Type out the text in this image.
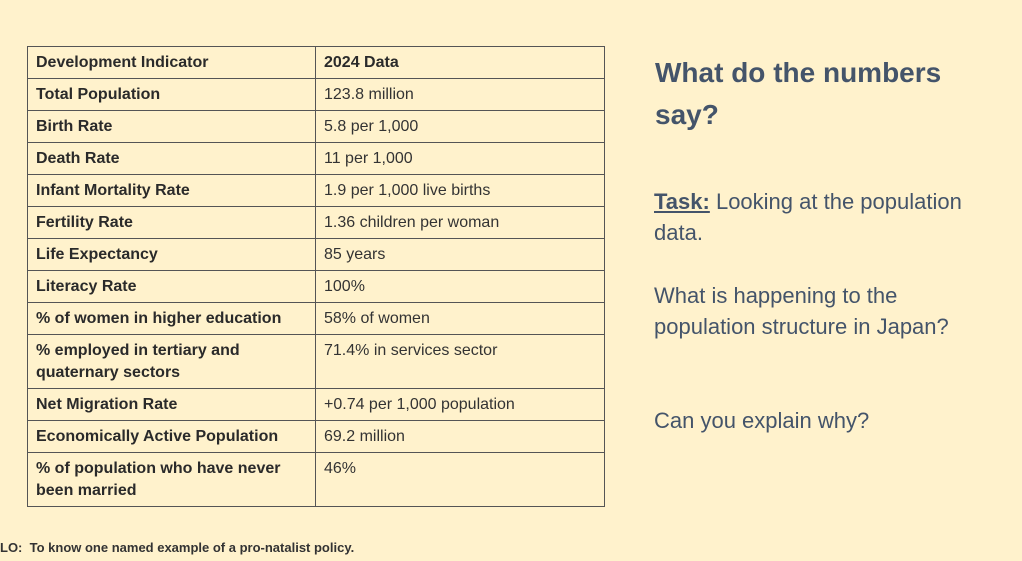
Development Indicator	2024 Data
Total Population	123.8 million
Birth Rate	5.8 per 1,000
Death Rate	11 per 1,000
Infant Mortality Rate	1.9 per 1,000 live births
Fertility Rate	1.36 children per woman
Life Expectancy	85 years
Literacy Rate	100%
% of women in higher education	58% of women
% employed in tertiary and quaternary sectors	71.4% in services sector
Net Migration Rate	+0.74 per 1,000 population
Economically Active Population	69.2 million
% of population who have never been married	46%
What do the numbers say?

Task: Looking at the population data.

What is happening to the population structure in Japan?

Can you explain why?

LO: To know one named example of a pro-natalist policy.
